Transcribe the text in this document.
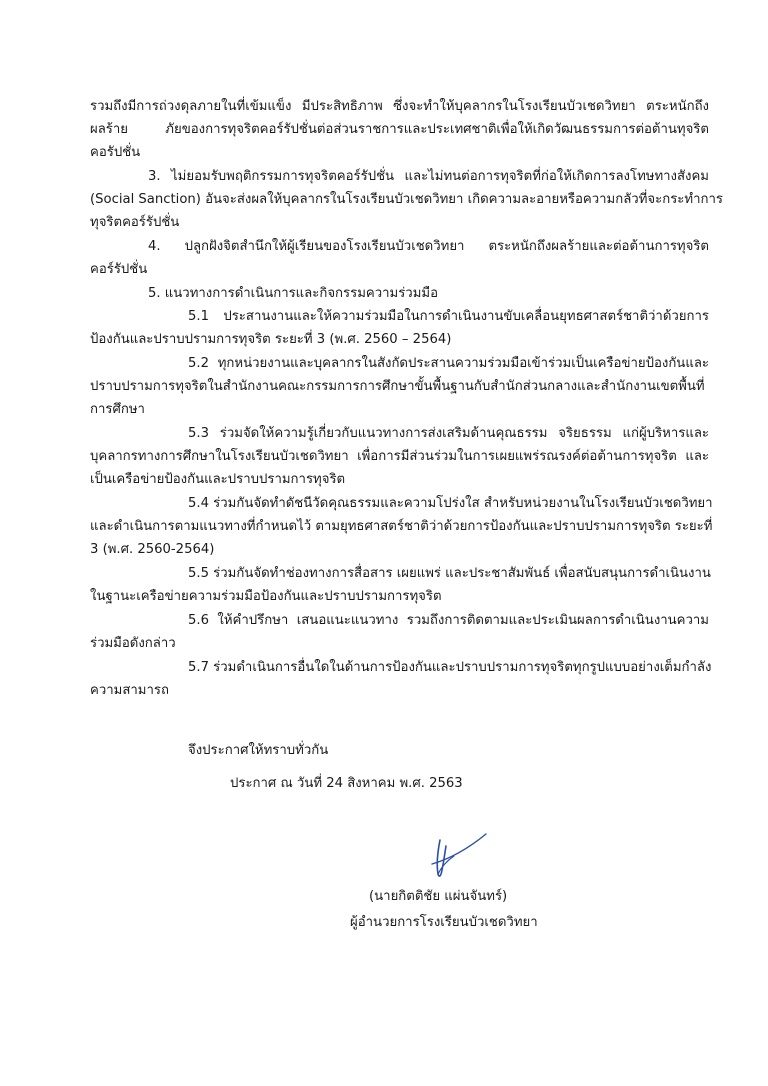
รวมถึงมีการถ่วงดุลภายในที่เข้มแข็ง มีประสิทธิภาพ ซึ่งจะทำให้บุคลากรในโรงเรียนบัวเชดวิทยา ตระหนักถึง
ผลร้าย ภัยของการทุจริตคอร์รัปชั่นต่อส่วนราชการและประเทศชาติเพื่อให้เกิดวัฒนธรรมการต่อต้านทุจริต
คอรัปชั่น
3. ไม่ยอมรับพฤติกรรมการทุจริตคอร์รัปชั่น และไม่ทนต่อการทุจริตที่ก่อให้เกิดการลงโทษทางสังคม
(Social Sanction) อันจะส่งผลให้บุคลากรในโรงเรียนบัวเชดวิทยา เกิดความละอายหรือความกลัวที่จะกระทำการ
ทุจริตคอร์รัปชั่น
4. ปลูกฝังจิตสำนึกให้ผู้เรียนของโรงเรียนบัวเชดวิทยา ตระหนักถึงผลร้ายและต่อต้านการทุจริต
คอร์รัปชั่น
5. แนวทางการดำเนินการและกิจกรรมความร่วมมือ
5.1 ประสานงานและให้ความร่วมมือในการดำเนินงานขับเคลื่อนยุทธศาสตร์ชาติว่าด้วยการ
ป้องกันและปราบปรามการทุจริต ระยะที่ 3 (พ.ศ. 2560 – 2564)
5.2 ทุกหน่วยงานและบุคลากรในสังกัดประสานความร่วมมือเข้าร่วมเป็นเครือข่ายป้องกันและ
ปราบปรามการทุจริตในสำนักงานคณะกรรมการการศึกษาขั้นพื้นฐานกับสำนักส่วนกลางและสำนักงานเขตพื้นที่
การศึกษา
5.3 ร่วมจัดให้ความรู้เกี่ยวกับแนวทางการส่งเสริมด้านคุณธรรม จริยธรรม แก่ผู้บริหารและ
บุคลากรทางการศึกษาในโรงเรียนบัวเชดวิทยา เพื่อการมีส่วนร่วมในการเผยแพร่รณรงค์ต่อต้านการทุจริต และ
เป็นเครือข่ายป้องกันและปราบปรามการทุจริต
5.4 ร่วมกันจัดทำดัชนีวัดคุณธรรมและความโปร่งใส สำหรับหน่วยงานในโรงเรียนบัวเชดวิทยา
และดำเนินการตามแนวทางที่กำหนดไว้ ตามยุทธศาสตร์ชาติว่าด้วยการป้องกันและปราบปรามการทุจริต ระยะที่
3 (พ.ศ. 2560-2564)
5.5 ร่วมกันจัดทำช่องทางการสื่อสาร เผยแพร่ และประชาสัมพันธ์ เพื่อสนับสนุนการดำเนินงาน
ในฐานะเครือข่ายความร่วมมือป้องกันและปราบปรามการทุจริต
5.6 ให้คำปรึกษา เสนอแนะแนวทาง รวมถึงการติดตามและประเมินผลการดำเนินงานความ
ร่วมมือดังกล่าว
5.7 ร่วมดำเนินการอื่นใดในด้านการป้องกันและปราบปรามการทุจริตทุกรูปแบบอย่างเต็มกำลัง
ความสามารถ
จึงประกาศให้ทราบทั่วกัน
ประกาศ ณ วันที่ 24 สิงหาคม พ.ศ. 2563
(นายกิตติชัย แผ่นจันทร์)
ผู้อำนวยการโรงเรียนบัวเชดวิทยา
